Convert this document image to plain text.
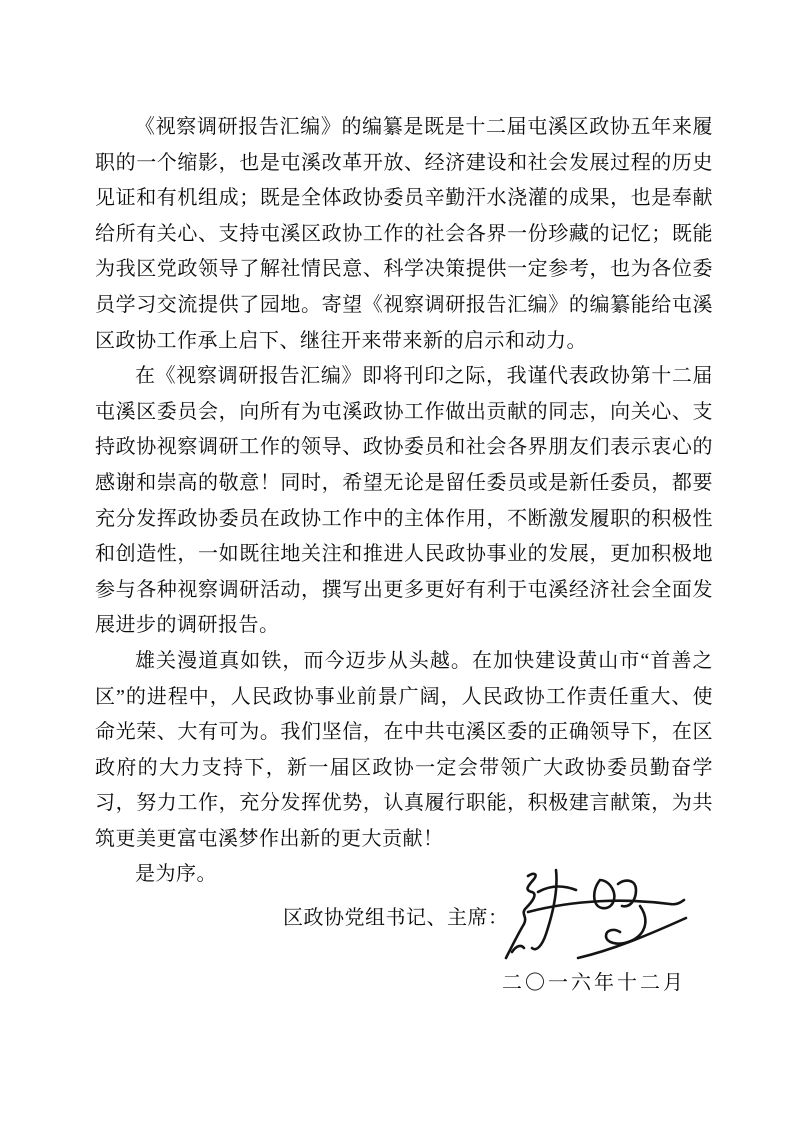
《视察调研报告汇编》的编纂是既是十二届屯溪区政协五年来履职的一个缩影，也是屯溪改革开放、经济建设和社会发展过程的历史见证和有机组成；既是全体政协委员辛勤汗水浇灌的成果，也是奉献给所有关心、支持屯溪区政协工作的社会各界一份珍藏的记忆；既能为我区党政领导了解社情民意、科学决策提供一定参考，也为各位委员学习交流提供了园地。寄望《视察调研报告汇编》的编纂能给屯溪区政协工作承上启下、继往开来带来新的启示和动力。

在《视察调研报告汇编》即将刊印之际，我谨代表政协第十二届屯溪区委员会，向所有为屯溪政协工作做出贡献的同志，向关心、支持政协视察调研工作的领导、政协委员和社会各界朋友们表示衷心的感谢和崇高的敬意！同时，希望无论是留任委员或是新任委员，都要充分发挥政协委员在政协工作中的主体作用，不断激发履职的积极性和创造性，一如既往地关注和推进人民政协事业的发展，更加积极地参与各种视察调研活动，撰写出更多更好有利于屯溪经济社会全面发展进步的调研报告。

雄关漫道真如铁，而今迈步从头越。在加快建设黄山市“首善之区”的进程中，人民政协事业前景广阔，人民政协工作责任重大、使命光荣、大有可为。我们坚信，在中共屯溪区委的正确领导下，在区政府的大力支持下，新一届区政协一定会带领广大政协委员勤奋学习，努力工作，充分发挥优势，认真履行职能，积极建言献策，为共筑更美更富屯溪梦作出新的更大贡献！

是为序。

区政协党组书记、主席：
二〇一六年十二月
